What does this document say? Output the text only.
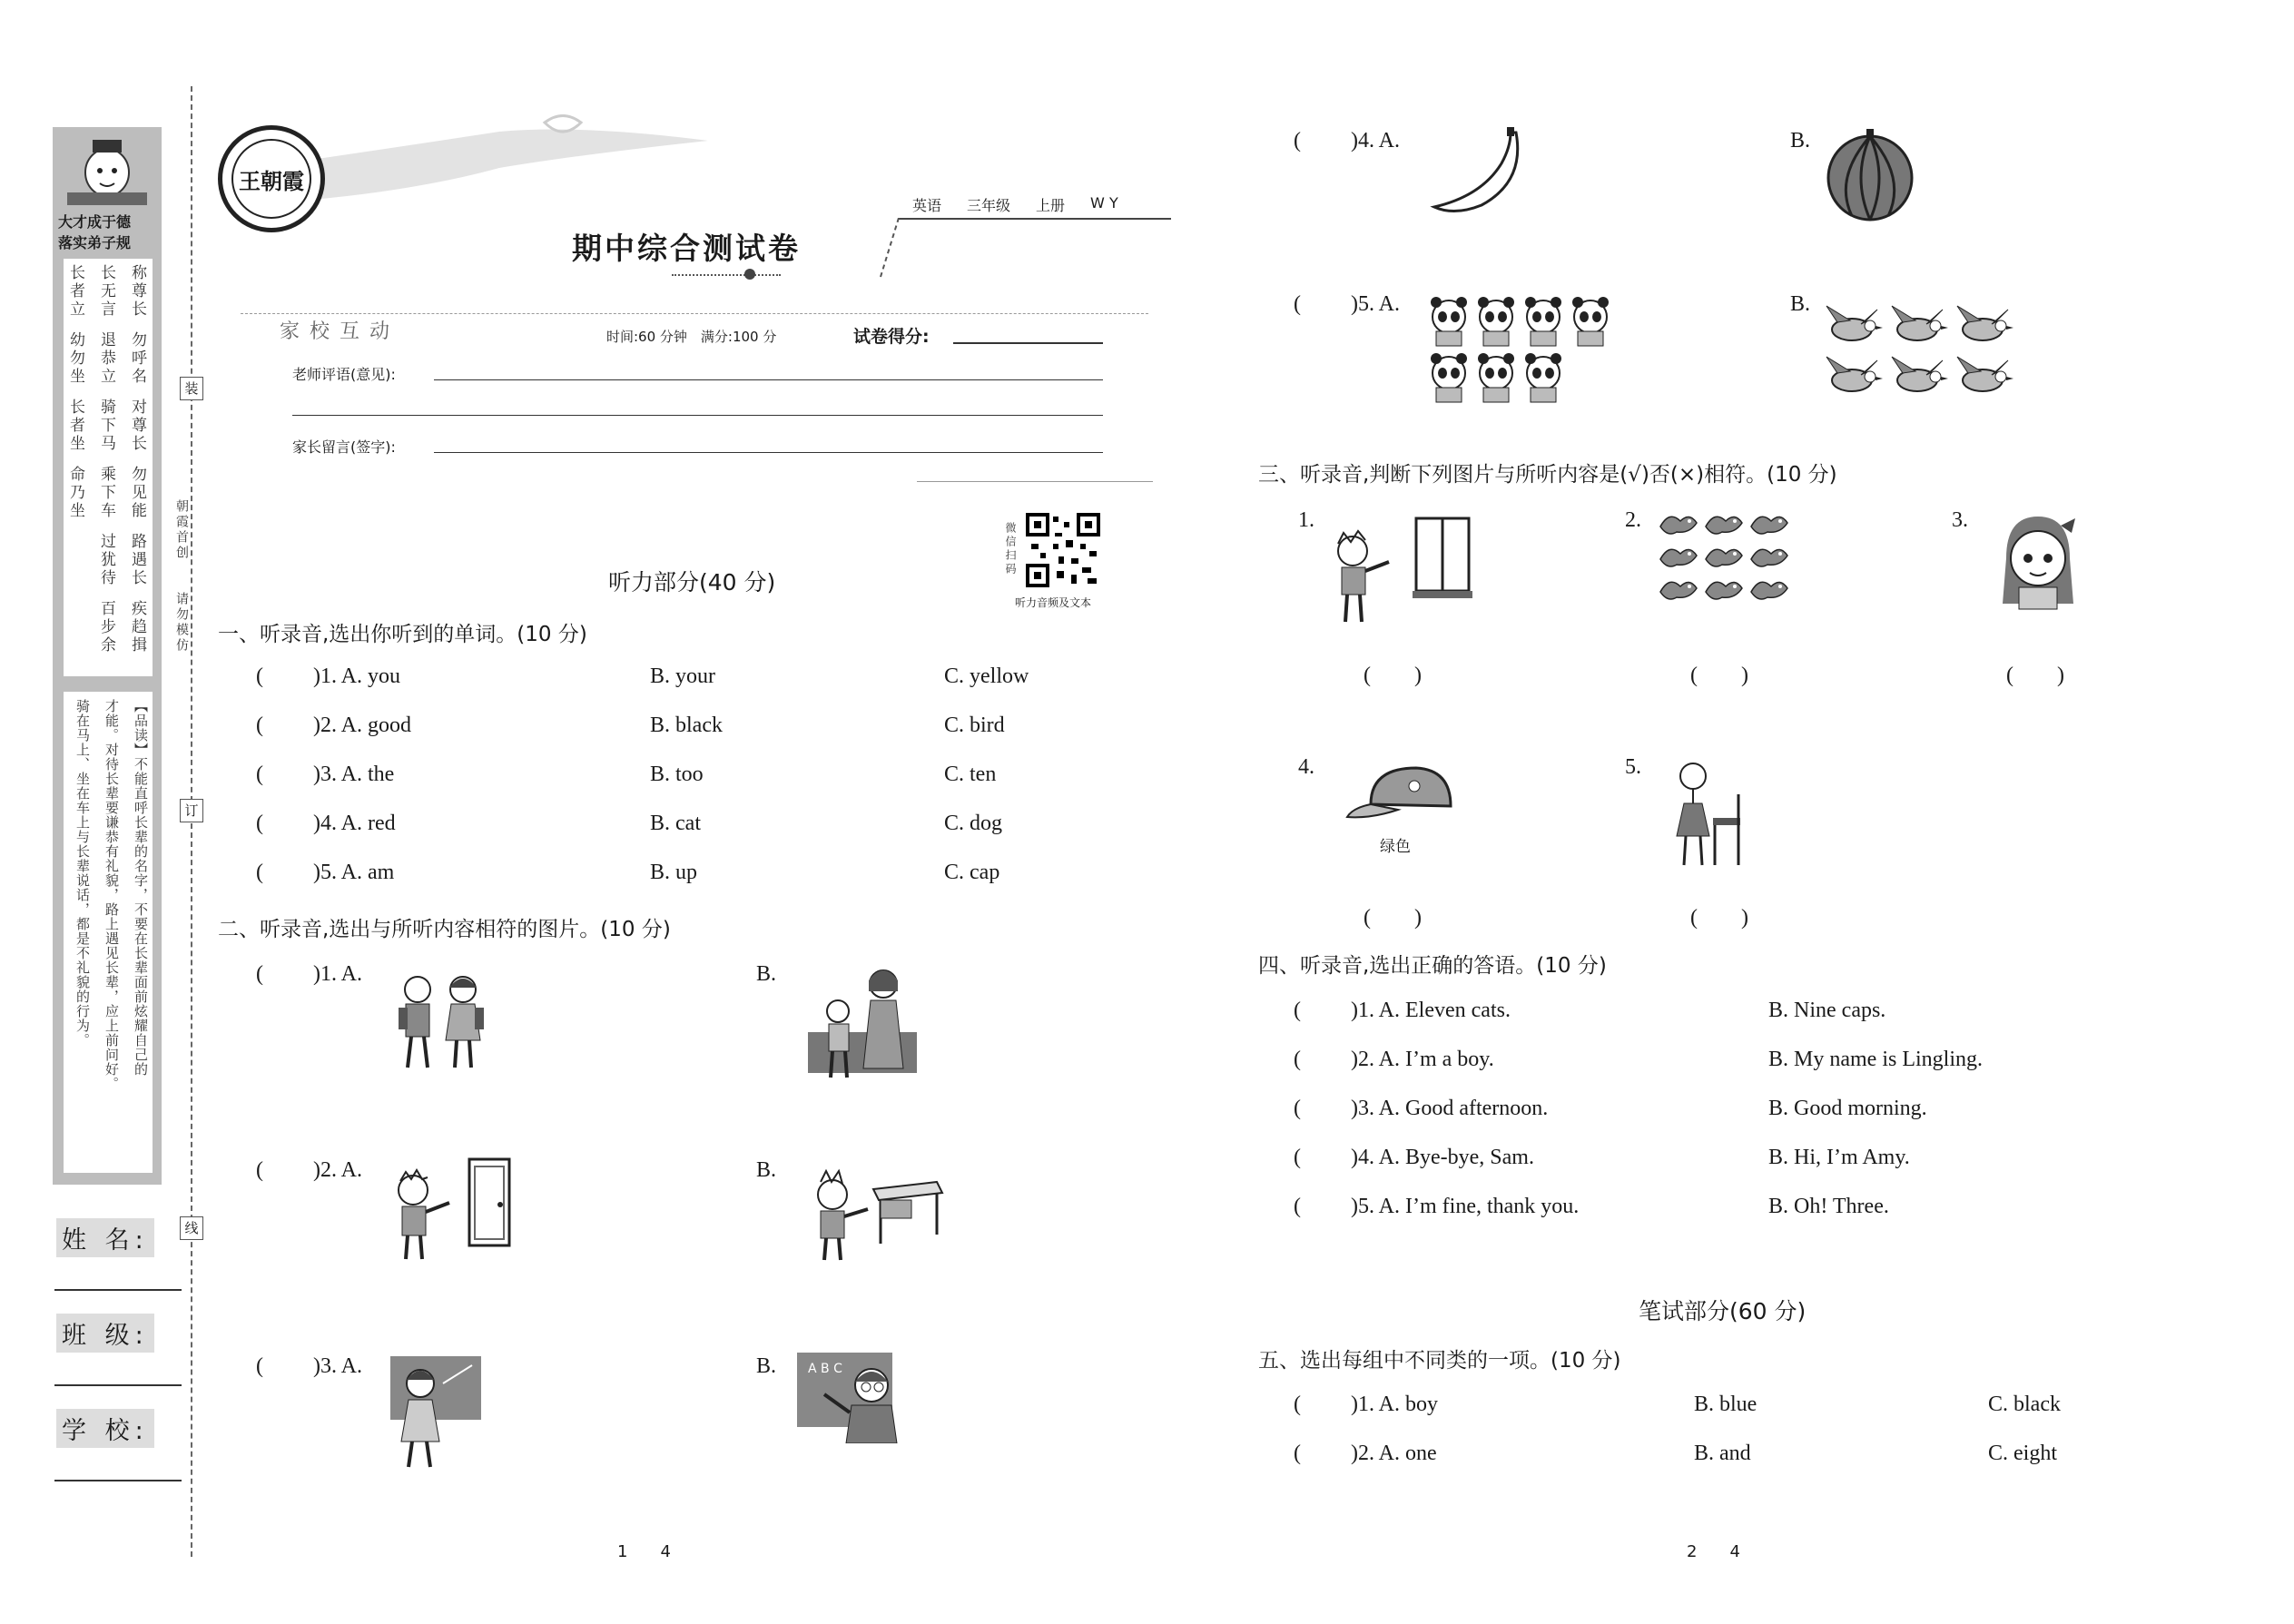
大才成于德
落实弟子规
称尊长
勿呼名
对尊长
勿见能
路遇长
疾趋揖
长无言
退恭立
骑下马
乘下车
过犹待
百步余
长者立
幼勿坐
长者坐
命乃坐
【品读】不能直呼长辈的名字，不要在长辈面前炫耀自己的
才能。对待长辈要谦恭有礼貌，路上遇见长辈，应上前问好。
骑在马上、坐在车上与长辈说话，都是不礼貌的行为。
装
订
线
朝霞首创
请勿模仿
姓 名:
班 级:
学 校:
王朝霞
期中综合测试卷
英语 三年级 上册 W Y
家 校 互 动	时间:60 分钟　满分:100 分	试卷得分:
老师评语(意见):
家长留言(签字):
微信扫码
听力音频及文本
听力部分(40 分)
一、听录音,选出你听到的单词。(10 分)
( )1. A. you	B. your	C. yellow
( )2. A. good	B. black	C. bird
( )3. A. the	B. too	C. ten
( )4. A. red	B. cat	C. dog
( )5. A. am	B. up	C. cap
二、听录音,选出与所听内容相符的图片。(10 分)
( )1. A.	B.
( )2. A.	B.
( )3. A.	B.	A B C
( )4. A.	B.
( )5. A.	B.
三、听录音,判断下列图片与所听内容是(√)否(×)相符。(10 分)
1.
(　　)
2.
(　　)
3.
(　　)
4.
绿色
(　　)
5.
(　　)
四、听录音,选出正确的答语。(10 分)
( )1. A. Eleven cats.	B. Nine caps.
( )2. A. I’m a boy.	B. My name is Lingling.
( )3. A. Good afternoon.	B. Good morning.
( )4. A. Bye-bye, Sam.	B. Hi, I’m Amy.
( )5. A. I’m fine, thank you.	B. Oh! Three.
笔试部分(60 分)
五、选出每组中不同类的一项。(10 分)
( )1. A. boy	B. blue	C. black
( )2. A. one	B. and	C. eight
1　　4	2　　4
